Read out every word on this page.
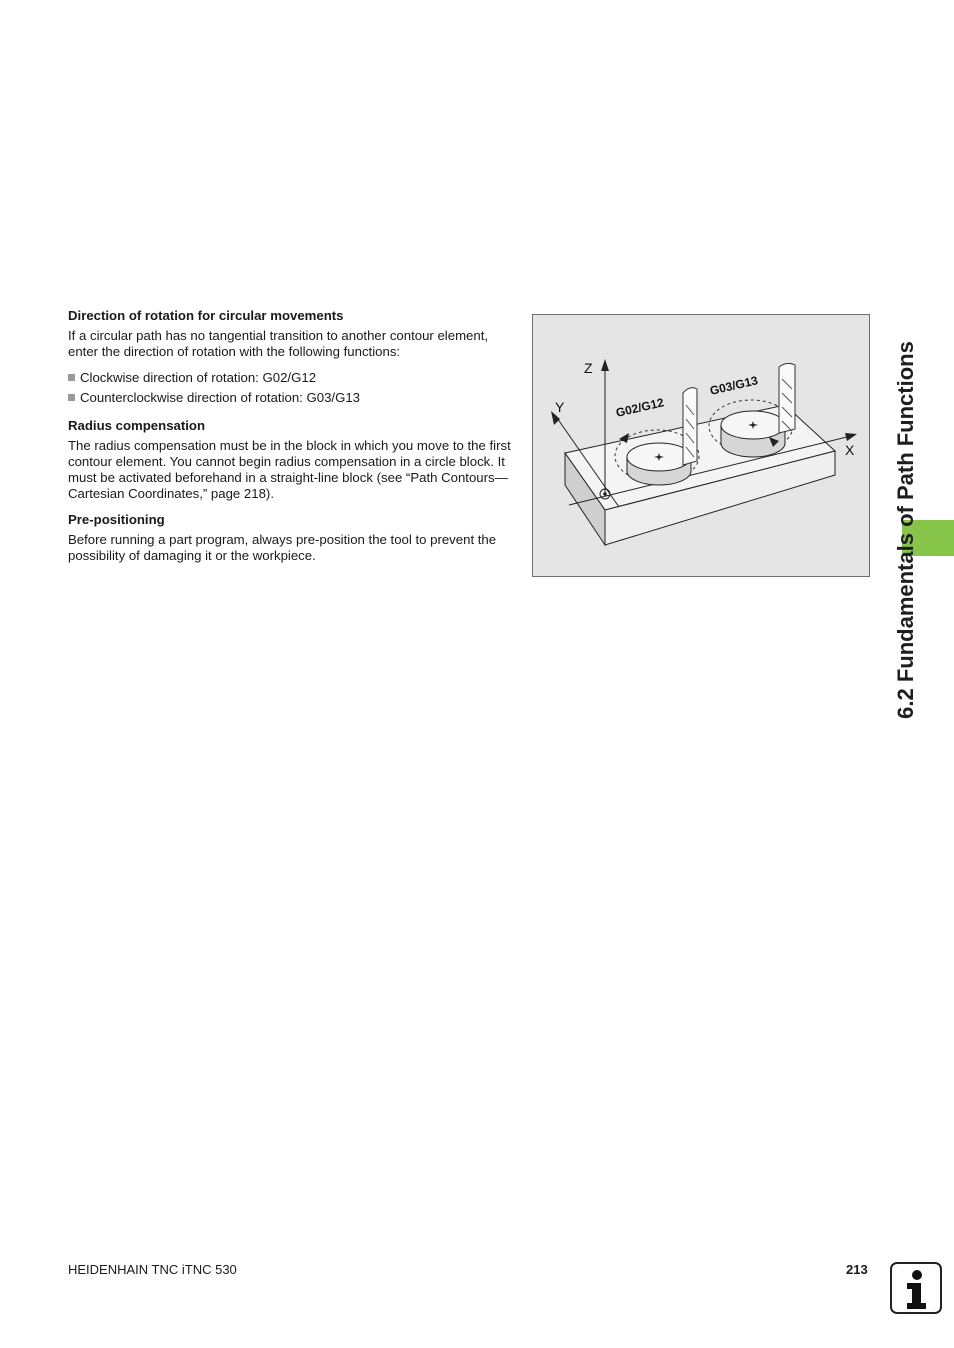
Direction of rotation for circular movements

If a circular path has no tangential transition to another contour element, enter the direction of rotation with the following functions:

Clockwise direction of rotation: G02/G12
Counterclockwise direction of rotation: G03/G13
Radius compensation

The radius compensation must be in the block in which you move to the first contour element. You cannot begin radius compensation in a circle block. It must be activated beforehand in a straight-line block (see “Path Contours—Cartesian Coordinates,” page 218).

Pre-positioning

Before running a part program, always pre-position the tool to prevent the possibility of damaging it or the workpiece.

Z
Y
X
G02/G12
G03/G13	6.2 Fundamentals of Path Functions
HEIDENHAIN TNC iTNC 530	213
